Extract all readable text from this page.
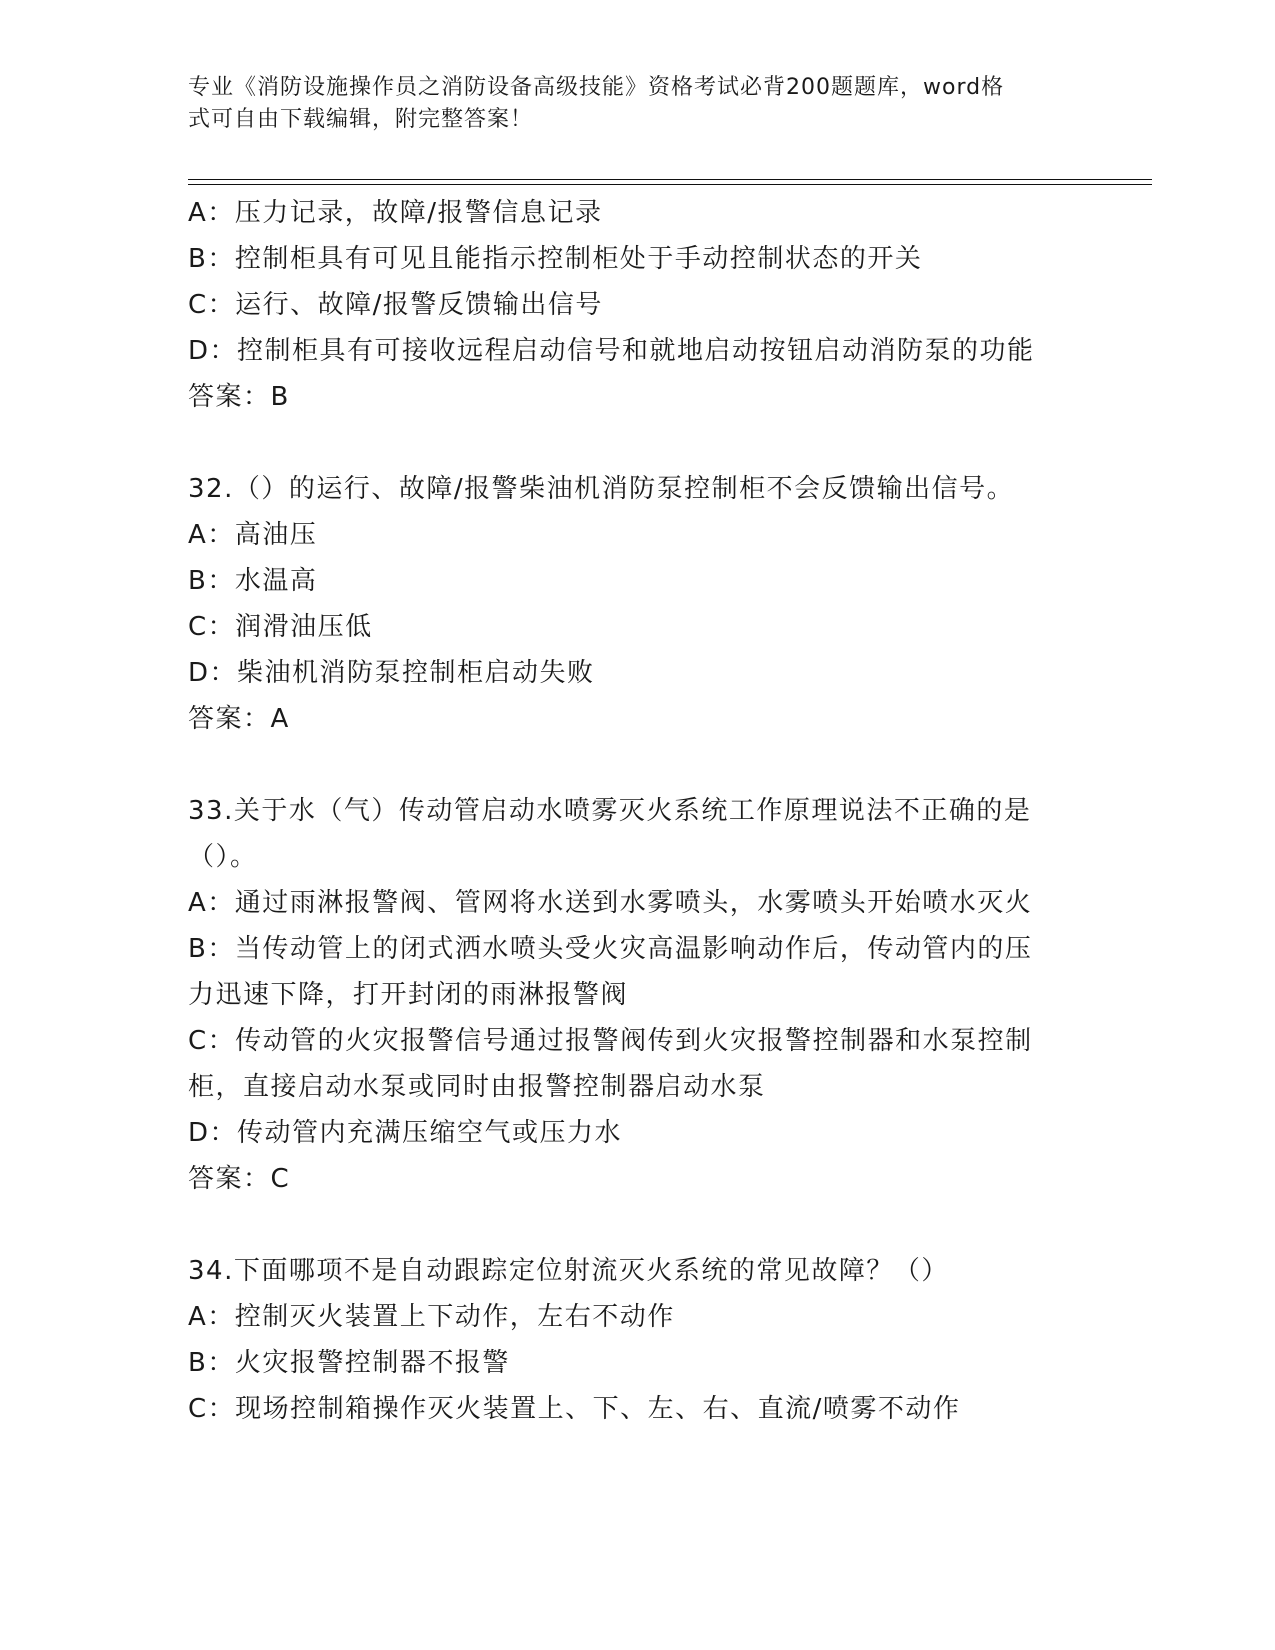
专业《消防设施操作员之消防设备高级技能》资格考试必背200题题库，word格
式可自由下载编辑，附完整答案！

A：压力记录，故障/报警信息记录

B：控制柜具有可见且能指示控制柜处于手动控制状态的开关

C：运行、故障/报警反馈输出信号

D：控制柜具有可接收远程启动信号和就地启动按钮启动消防泵的功能

答案：B

32.（）的运行、故障/报警柴油机消防泵控制柜不会反馈输出信号。

A：高油压

B：水温高

C：润滑油压低

D：柴油机消防泵控制柜启动失败

答案：A

33.关于水（气）传动管启动水喷雾灭火系统工作原理说法不正确的是

（）。

A：通过雨淋报警阀、管网将水送到水雾喷头，水雾喷头开始喷水灭火

B：当传动管上的闭式洒水喷头受火灾高温影响动作后，传动管内的压

力迅速下降，打开封闭的雨淋报警阀

C：传动管的火灾报警信号通过报警阀传到火灾报警控制器和水泵控制

柜，直接启动水泵或同时由报警控制器启动水泵

D：传动管内充满压缩空气或压力水

答案：C

34.下面哪项不是自动跟踪定位射流灭火系统的常见故障？（）

A：控制灭火装置上下动作，左右不动作

B：火灾报警控制器不报警

C：现场控制箱操作灭火装置上、下、左、右、直流/喷雾不动作
